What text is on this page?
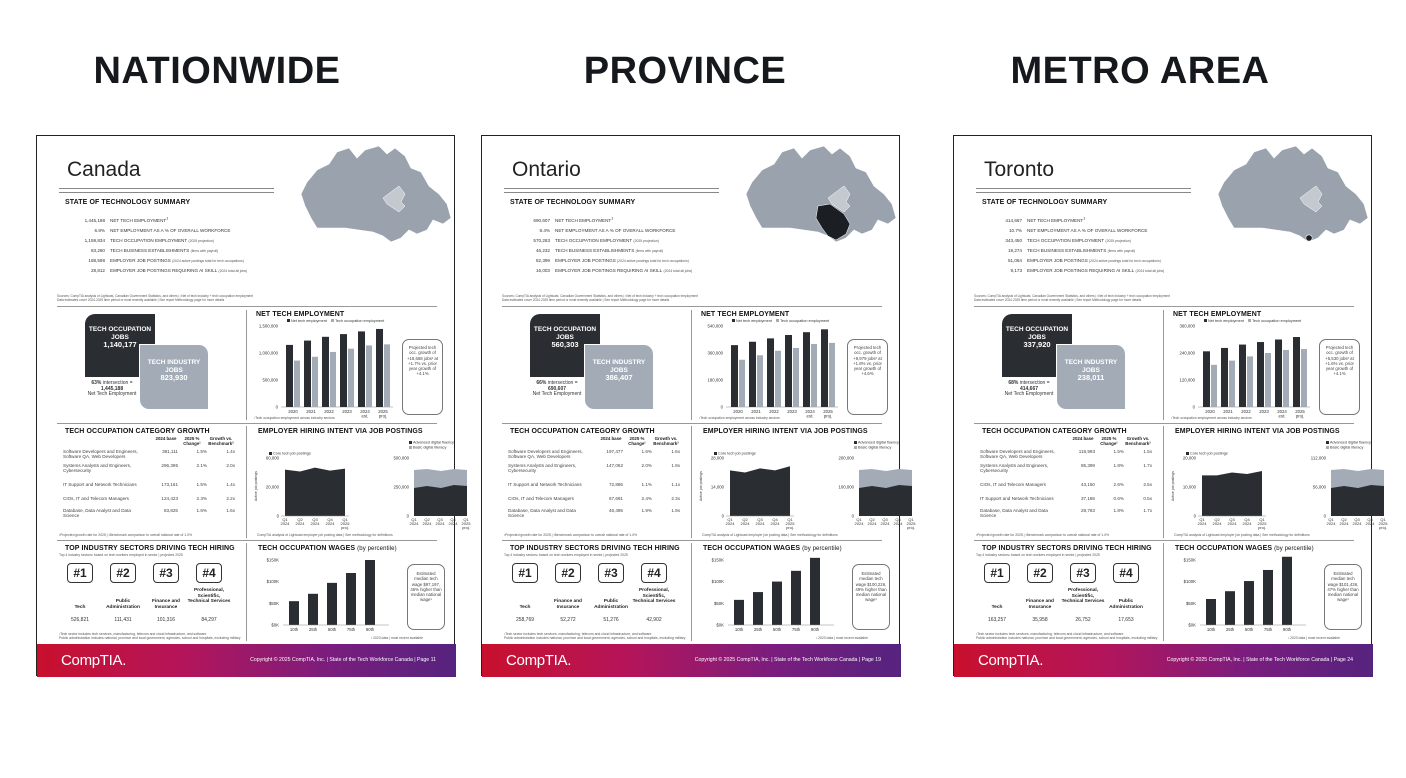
NATIONWIDE
Canada
STATE OF TECHNOLOGY SUMMARY
1,445,188 NET TECH EMPLOYMENT$^1$
6.8% NET EMPLOYMENT AS A % OF OVERALL WORKFORCE
1,159,834 TECH OCCUPATION EMPLOYMENT (2025 projection)
83,260 TECH BUSINESS ESTABLISHMENTS (firms with payroll)
188,598 EMPLOYER JOB POSTINGS (2024 active postings total for tech occupations)
28,812 EMPLOYER JOB POSTINGS REQUIRING AI SKILL (2024 total all jobs)
Sources: CompTIA analysis of Lightcast, Canadian Government Statistics, and others | ¹Net of tech industry + tech occupation employment
Data estimates cover 2024-2025 time period or most recently available | See report Methodology page for more details
TECH OCCUPATION JOBS
1,140,177
TECH INDUSTRY JOBS
823,930
63% intersection =
1,445,188
Net Tech Employment
NET TECH EMPLOYMENT
1,500,000
1,000,000
500,000
0
Net tech employment Tech occupation employment
2020 2021 2022 2023 2024
est.
2025
proj.
Projected tech occ. growth of +18,658 jobs² at +1.7% vs. prior year growth of +4.1%
¹Tech occupation employment across industry sectors
TECH OCCUPATION CATEGORY GROWTH
2024 base	2025 % Change¹
Growth vs. Benchmark²
Software Developers and Engineers, Software QA, Web Developers
391,111	1.5%	1.4x
Systems Analysts and Engineers, Cybersecurity
296,395	2.1%	2.0x
IT Support and Network Technicians	173,161	1.5%	1.4x
CIOs, IT and Telecom Managers	124,423	2.3%	2.2x
Database, Data Analyst and Data Science
83,825	1.6%	1.6x
¹Projected growth rate for 2025 | ²Benchmark comparison to overall national rate of 1.0%
EMPLOYER HIRING INTENT VIA JOB POSTINGS
Active job postings
Core tech job postings
60,000
20,000
0
Q1
2024
Q2
2024
Q3
2024
Q4
2024
Q1
2025
proj.
Advanced digital fluency
Basic digital literacy
500,000
250,000
0
Q1
2024
Q2
2024
Q3
2024
Q4
2024
Q1
2025
proj.
CompTIA analysis of Lightcast employer job posting data | See methodology for definitions
TOP INDUSTRY SECTORS DRIVING TECH HIRING
Top 4 industry sectors¹ based on tech workers employed in sector | projected 2025
#1
Tech
526,821
#2
Public Administration
111,431
#3
Finance and Insurance
101,316
#4
Professional, Scientific, Technical Services
84,297
¹Tech sector includes tech services, manufacturing, telecom and cloud infrastructure, and software
Public administration includes national, province and local government, agencies, school and hospitals, excluding military
TECH OCCUPATION WAGES (by percentile)
$150K
$100K
$50K
$0K
10th 25th 50th 75th 90th
Estimated median tech wage $97,197, 46% higher than median national wage¹
¹ 2023 data | most recent available
CompTIA.	Copyright © 2025 CompTIA, Inc. | State of the Tech Workforce Canada | Page 11
PROVINCE
Ontario
STATE OF TECHNOLOGY SUMMARY
690,607 NET TECH EMPLOYMENT$^1$
8.4% NET EMPLOYMENT AS A % OF OVERALL WORKFORCE
570,283 TECH OCCUPATION EMPLOYMENT (2025 projection)
46,232 TECH BUSINESS ESTABLISHMENTS (firms with payroll)
82,399 EMPLOYER JOB POSTINGS (2024 active postings total for tech occupations)
16,003 EMPLOYER JOB POSTINGS REQUIRING AI SKILL (2024 total all jobs)
Sources: CompTIA analysis of Lightcast, Canadian Government Statistics, and others | ¹Net of tech industry + tech occupation employment
Data estimates cover 2024-2025 time period or most recently available | See report Methodology page for more details
TECH OCCUPATION JOBS
560,303
TECH INDUSTRY JOBS
386,407
66% intersection =
690,607
Net Tech Employment
NET TECH EMPLOYMENT
540,000
360,000
180,000
0
Net tech employment Tech occupation employment
2020 2021 2022 2023 2024
est.
2025
proj.
Projected tech occ. growth of +9,979 jobs² at +1.8% vs. prior year growth of +4.6%
¹Tech occupation employment across industry sectors
TECH OCCUPATION CATEGORY GROWTH
2024 base	2025 % Change¹
Growth vs. Benchmark²
Software Developers and Engineers, Software QA, Web Developers
197,477	1.6%	1.6x
Systems Analysts and Engineers, Cybersecurity
147,062	2.0%	1.9x
IT Support and Network Technicians	72,886	1.1%	1.1x
CIOs, IT and Telecom Managers	67,691	2.4%	2.3x
Database, Data Analyst and Data Science
46,495	1.9%	1.9x
¹Projected growth rate for 2025 | ²Benchmark comparison to overall national rate of 1.0%
EMPLOYER HIRING INTENT VIA JOB POSTINGS
Active job postings
Core tech job postings
28,000
14,000
0
Q1
2024
Q2
2024
Q3
2024
Q4
2024
Q1
2025
proj.
Advanced digital fluency
Basic digital literacy
200,000
100,000
0
Q1
2024
Q2
2024
Q3
2024
Q4
2024
Q1
2025
proj.
CompTIA analysis of Lightcast employer job posting data | See methodology for definitions
TOP INDUSTRY SECTORS DRIVING TECH HIRING
Top 4 industry sectors¹ based on tech workers employed in sector | projected 2025
#1
Tech
258,769
#2
Finance and Insurance
52,272
#3
Public Administration
51,276
#4
Professional, Scientific, Technical Services
42,902
¹Tech sector includes tech services, manufacturing, telecom and cloud infrastructure, and software
Public administration includes national, province and local government, agencies, school and hospitals, excluding military
TECH OCCUPATION WAGES (by percentile)
$150K
$100K
$50K
$0K
10th 25th 50th 75th 90th
Estimated median tech wage $100,226, 49% higher than median national wage¹
¹ 2023 data | most recent available
CompTIA.	Copyright © 2025 CompTIA, Inc. | State of the Tech Workforce Canada | Page 19
METRO AREA
Toronto
STATE OF TECHNOLOGY SUMMARY
414,667 NET TECH EMPLOYMENT$^1$
10.7% NET EMPLOYMENT AS A % OF OVERALL WORKFORCE
343,450 TECH OCCUPATION EMPLOYMENT (2025 projection)
19,274 TECH BUSINESS ESTABLISHMENTS (firms with payroll)
51,064 EMPLOYER JOB POSTINGS (2024 active postings total for tech occupations)
9,173 EMPLOYER JOB POSTINGS REQUIRING AI SKILL (2024 total all jobs)
Sources: CompTIA analysis of Lightcast, Canadian Government Statistics, and others | ¹Net of tech industry + tech occupation employment
Data estimates cover 2024-2025 time period or most recently available | See report Methodology page for more details
TECH OCCUPATION JOBS
337,920
TECH INDUSTRY JOBS
238,011
68% intersection =
414,667
Net Tech Employment
NET TECH EMPLOYMENT
360,000
240,000
120,000
0
Net tech employment Tech occupation employment
2020 2021 2022 2023 2024
est.
2025
proj.
Projected tech occ. growth of +5,530 jobs² at +1.6% vs. prior year growth of +4.1%
¹Tech occupation employment across industry sectors
TECH OCCUPATION CATEGORY GROWTH
2024 base	2025 % Change¹
Growth vs. Benchmark²
Software Developers and Engineers, Software QA, Web Developers
118,993	1.5%	1.5x
Systems Analysts and Engineers, Cybersecurity
85,399	1.8%	1.7x
CIOs, IT and Telecom Managers	43,150	2.6%	2.5x
IT Support and Network Technicians	37,186	0.6%	0.5x
Database, Data Analyst and Data Science
28,763	1.8%	1.7x
¹Projected growth rate for 2025 | ²Benchmark comparison to overall national rate of 1.0%
EMPLOYER HIRING INTENT VIA JOB POSTINGS
Active job postings
Core tech job postings
20,000
10,000
0
Q1
2024
Q2
2024
Q3
2024
Q4
2024
Q1
2025
proj.
Advanced digital fluency
Basic digital literacy
112,000
56,000
0
Q1
2024
Q2
2024
Q3
2024
Q4
2024
Q1
2025
proj.
CompTIA analysis of Lightcast employer job posting data | See methodology for definitions
TOP INDUSTRY SECTORS DRIVING TECH HIRING
Top 4 industry sectors¹ based on tech workers employed in sector | projected 2025
#1
Tech
163,257
#2
Finance and Insurance
35,958
#3
Professional, Scientific, Technical Services
26,752
#4
Public Administration
17,653
¹Tech sector includes tech services, manufacturing, telecom and cloud infrastructure, and software
Public administration includes national, province and local government, agencies, school and hospitals, excluding military
TECH OCCUPATION WAGES (by percentile)
$150K
$100K
$50K
$0K
10th 25th 50th 75th 90th
Estimated median tech wage $101,436, 47% higher than median national wage¹
¹ 2023 data | most recent available
CompTIA.	Copyright © 2025 CompTIA, Inc. | State of the Tech Workforce Canada | Page 24
